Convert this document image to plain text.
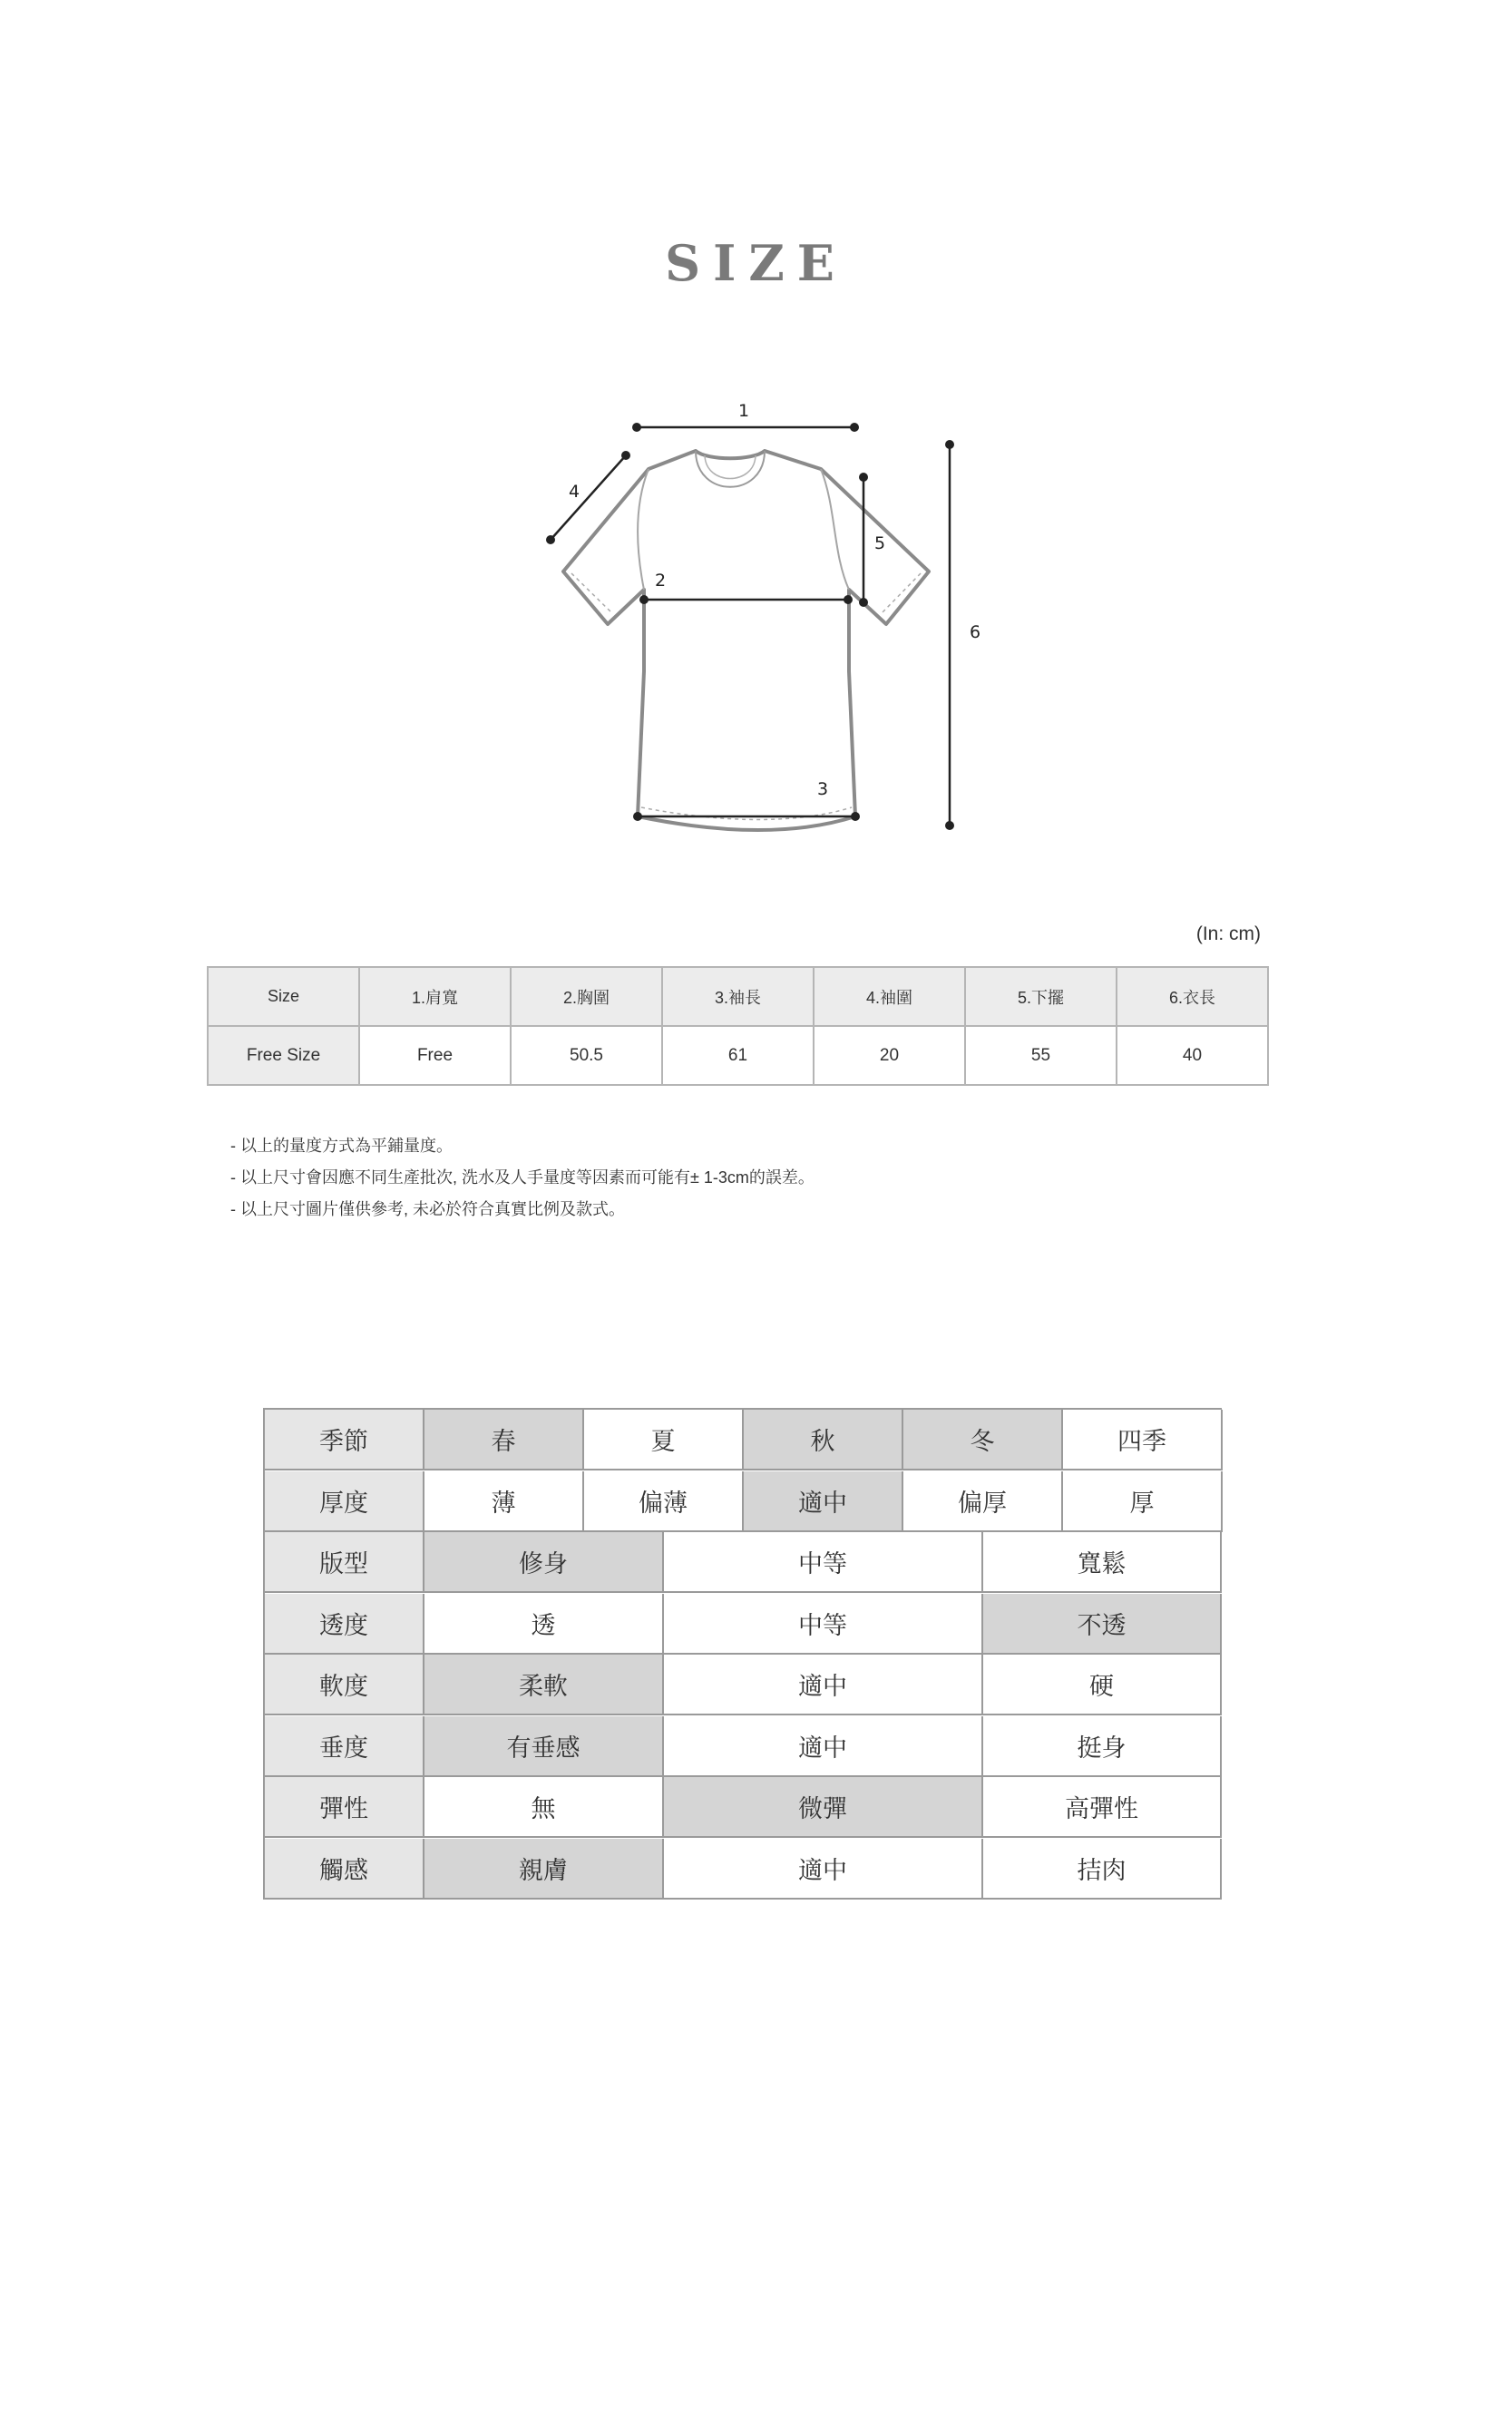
SIZE
1
2
3
4
5
6
(In: cm)
Size	1.肩寬	2.胸圍	3.袖長	4.袖圍	5.下擺	6.衣長
Free Size	Free	50.5	61	20	55	40
- 以上的量度方式為平鋪量度。
- 以上尺寸會因應不同生產批次, 洗水及人手量度等因素而可能有± 1-3cm的誤差。
- 以上尺寸圖片僅供參考, 未必於符合真實比例及款式。
季節	春	夏	秋	冬	四季
厚度	薄	偏薄	適中	偏厚	厚
版型	修身	中等	寬鬆
透度	透	中等	不透
軟度	柔軟	適中	硬
垂度	有垂感	適中	挺身
彈性	無	微彈	高彈性
觸感	親膚	適中	拮肉
